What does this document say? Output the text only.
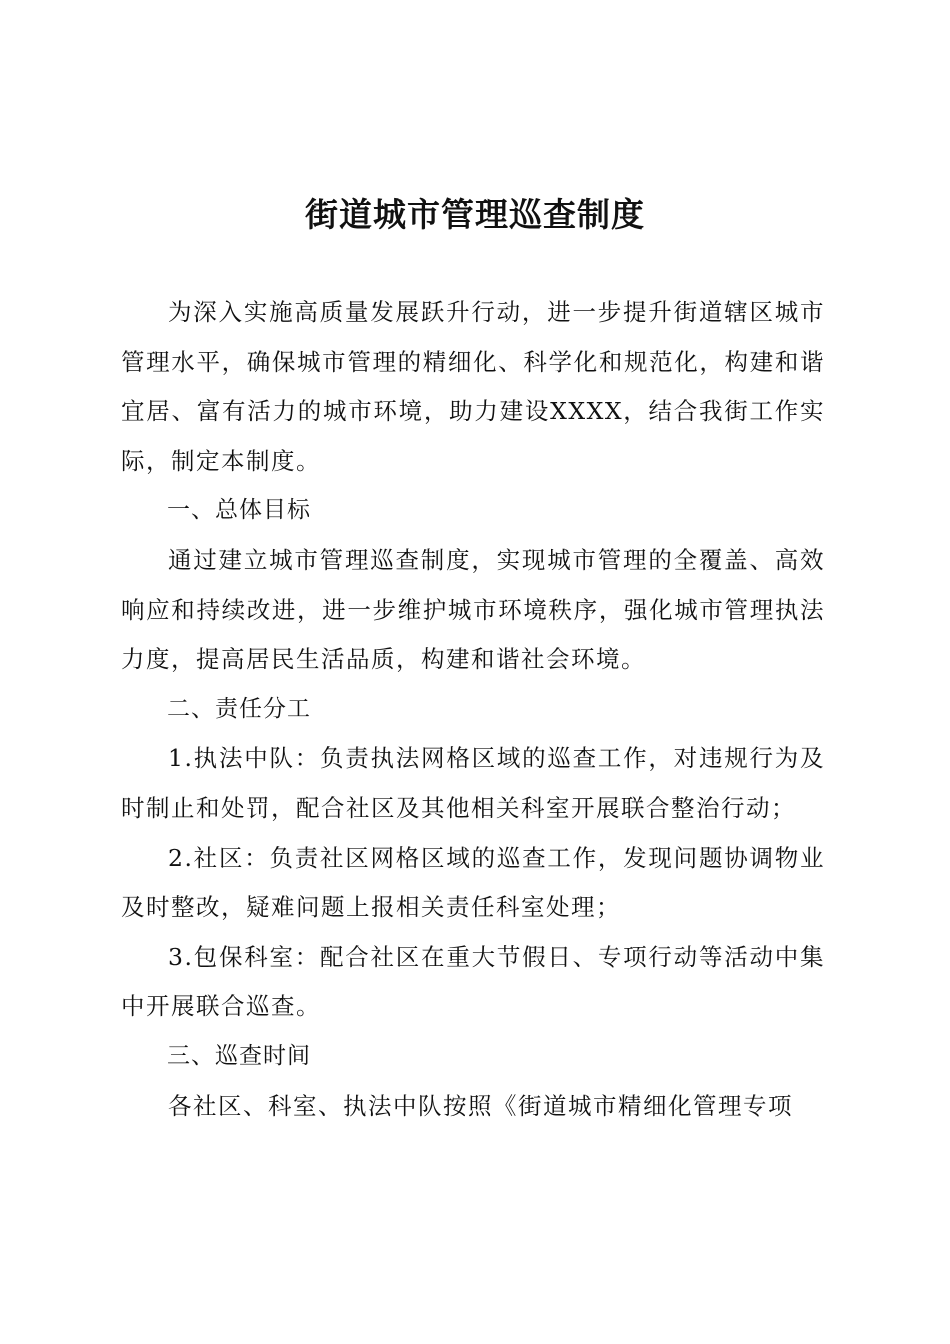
街道城市管理巡查制度

为深入实施高质量发展跃升行动，进一步提升街道辖区城市管理水平，确保城市管理的精细化、科学化和规范化，构建和谐宜居、富有活力的城市环境，助力建设XXXX，结合我街工作实际，制定本制度。

一、总体目标

通过建立城市管理巡查制度，实现城市管理的全覆盖、高效响应和持续改进，进一步维护城市环境秩序，强化城市管理执法力度，提高居民生活品质，构建和谐社会环境。

二、责任分工

1.执法中队：负责执法网格区域的巡查工作，对违规行为及时制止和处罚，配合社区及其他相关科室开展联合整治行动；

2.社区：负责社区网格区域的巡查工作，发现问题协调物业及时整改，疑难问题上报相关责任科室处理；

3.包保科室：配合社区在重大节假日、专项行动等活动中集中开展联合巡查。

三、巡查时间

各社区、科室、执法中队按照《街道城市精细化管理专项
